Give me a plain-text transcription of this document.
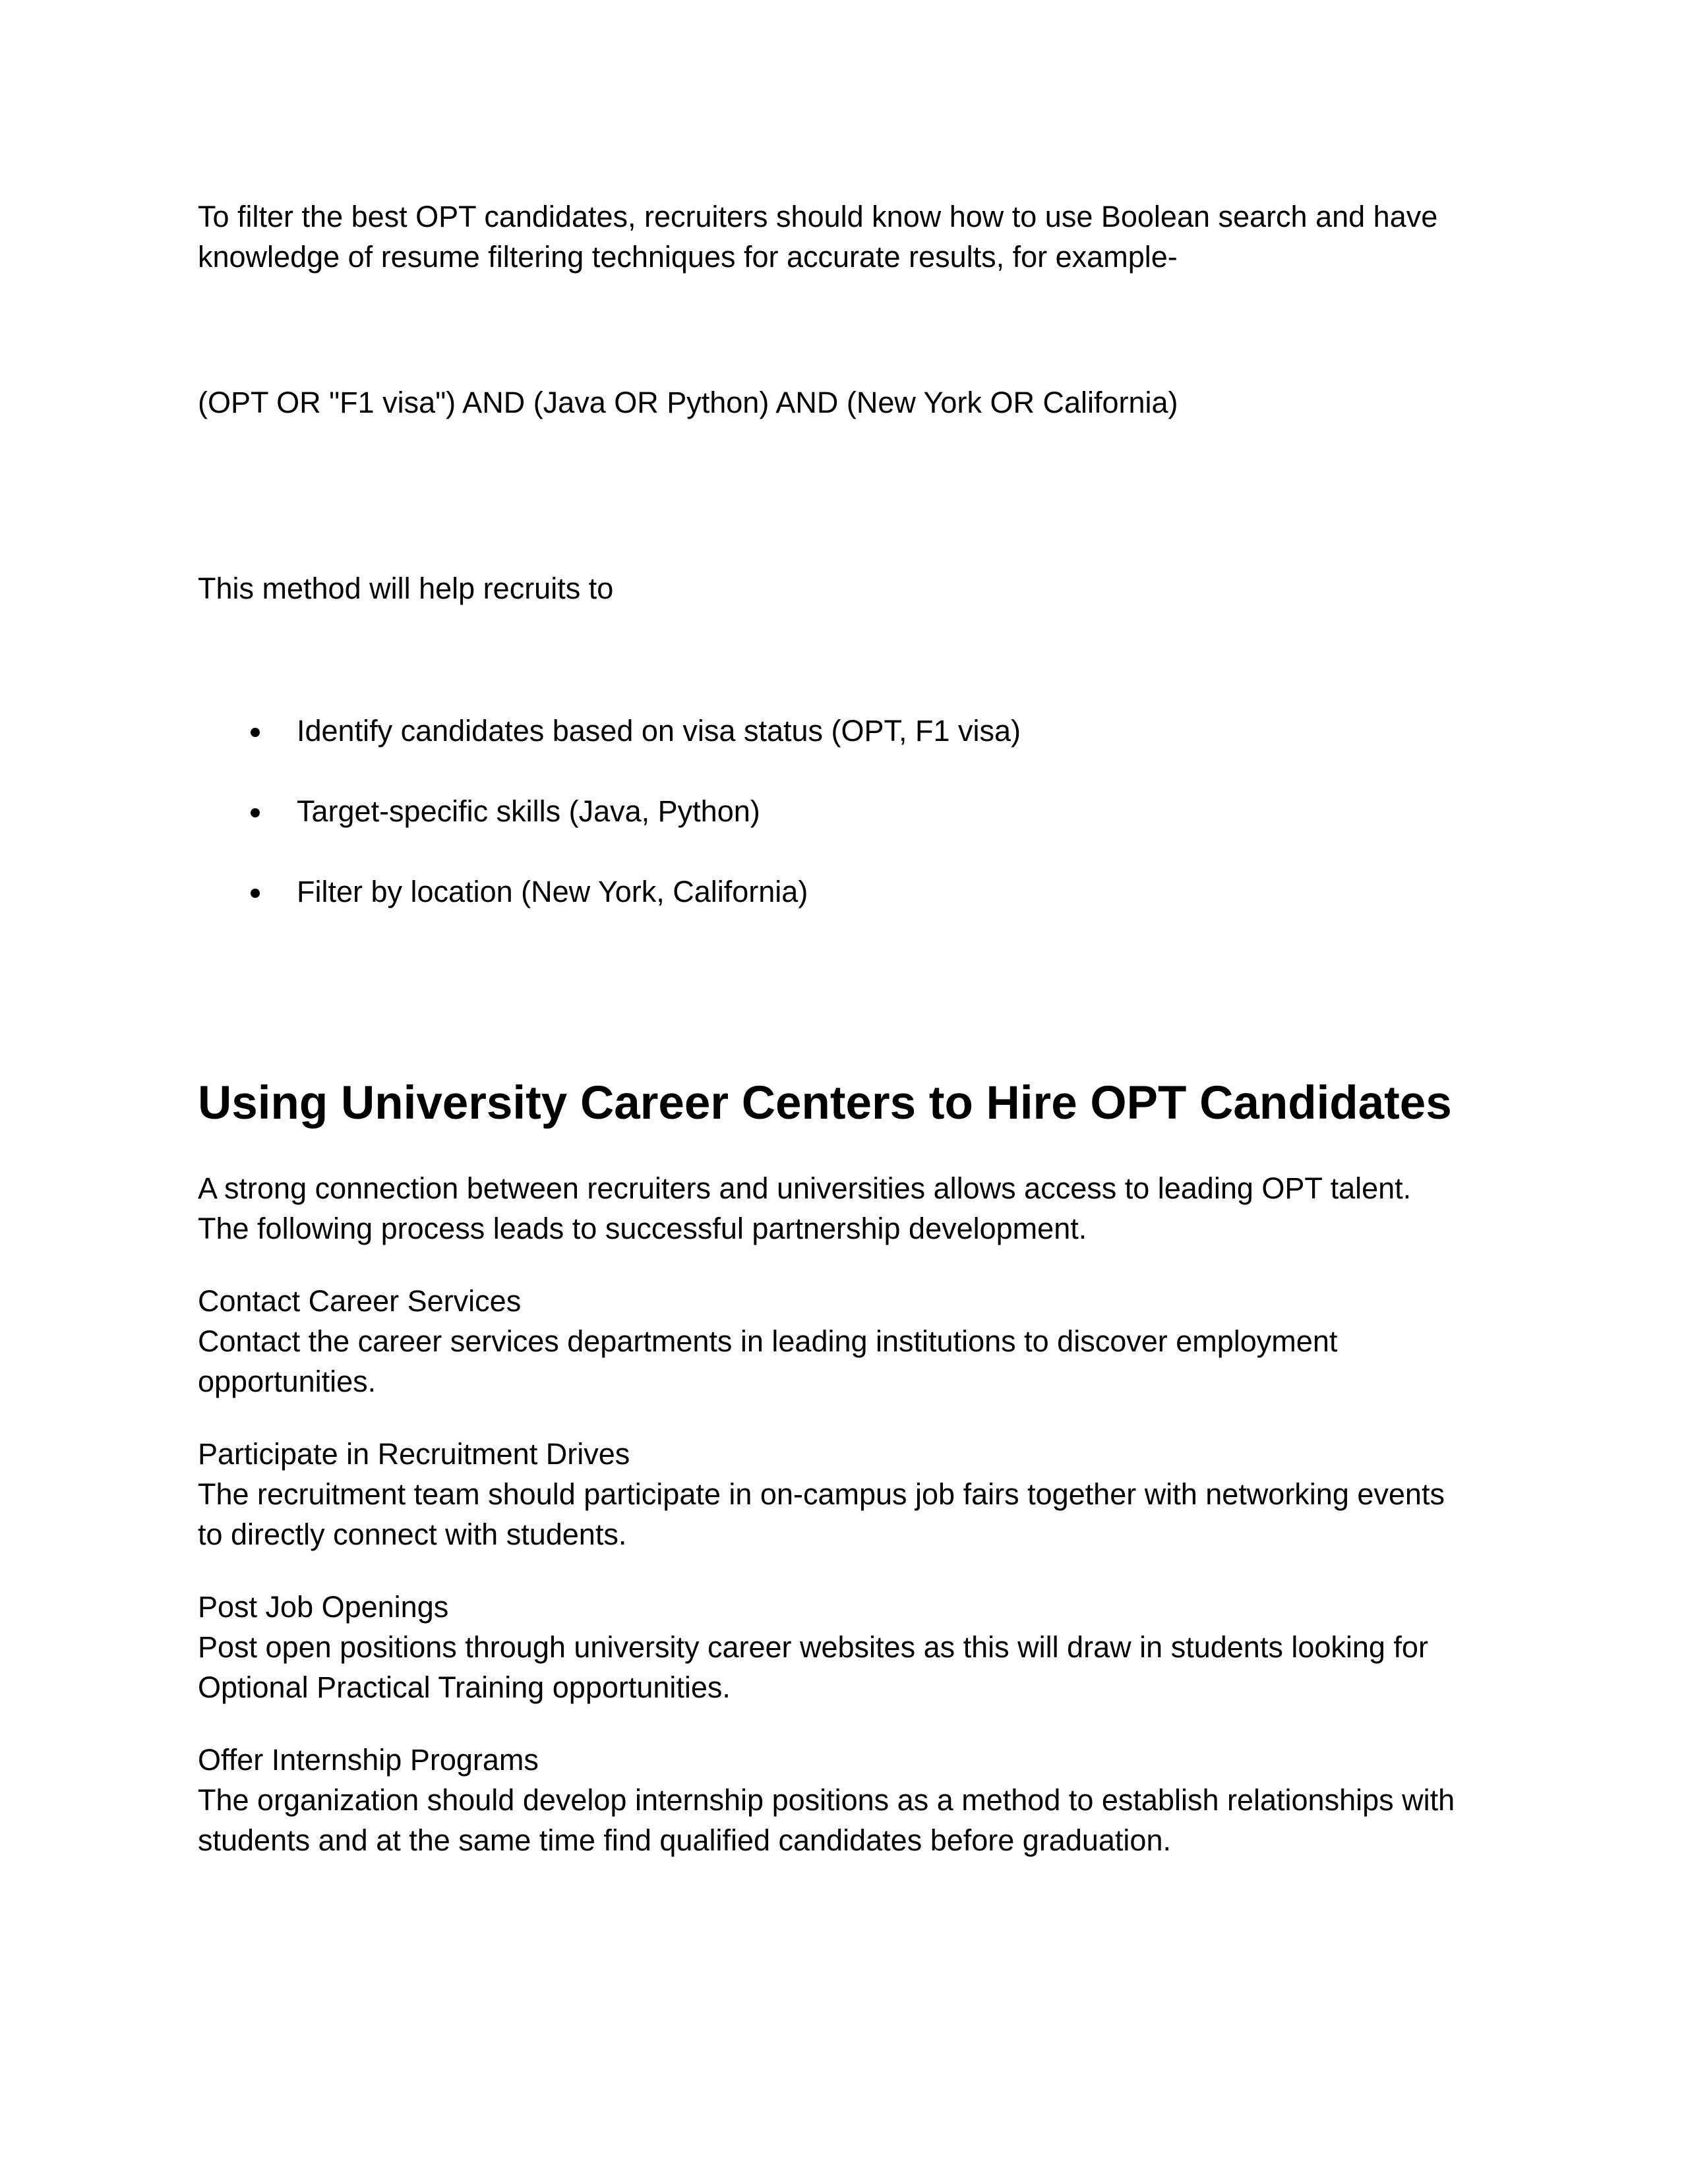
To filter the best OPT candidates, recruiters should know how to use Boolean search and have
knowledge of resume filtering techniques for accurate results, for example-

(OPT OR "F1 visa") AND (Java OR Python) AND (New York OR California)

This method will help recruits to

Identify candidates based on visa status (OPT, F1 visa)
Target-specific skills (Java, Python)
Filter by location (New York, California)
Using University Career Centers to Hire OPT Candidates

A strong connection between recruiters and universities allows access to leading OPT talent.
The following process leads to successful partnership development.

Contact Career Services
Contact the career services departments in leading institutions to discover employment
opportunities.
Participate in Recruitment Drives
The recruitment team should participate in on-campus job fairs together with networking events
to directly connect with students.
Post Job Openings
Post open positions through university career websites as this will draw in students looking for
Optional Practical Training opportunities.
Offer Internship Programs
The organization should develop internship positions as a method to establish relationships with
students and at the same time find qualified candidates before graduation.
